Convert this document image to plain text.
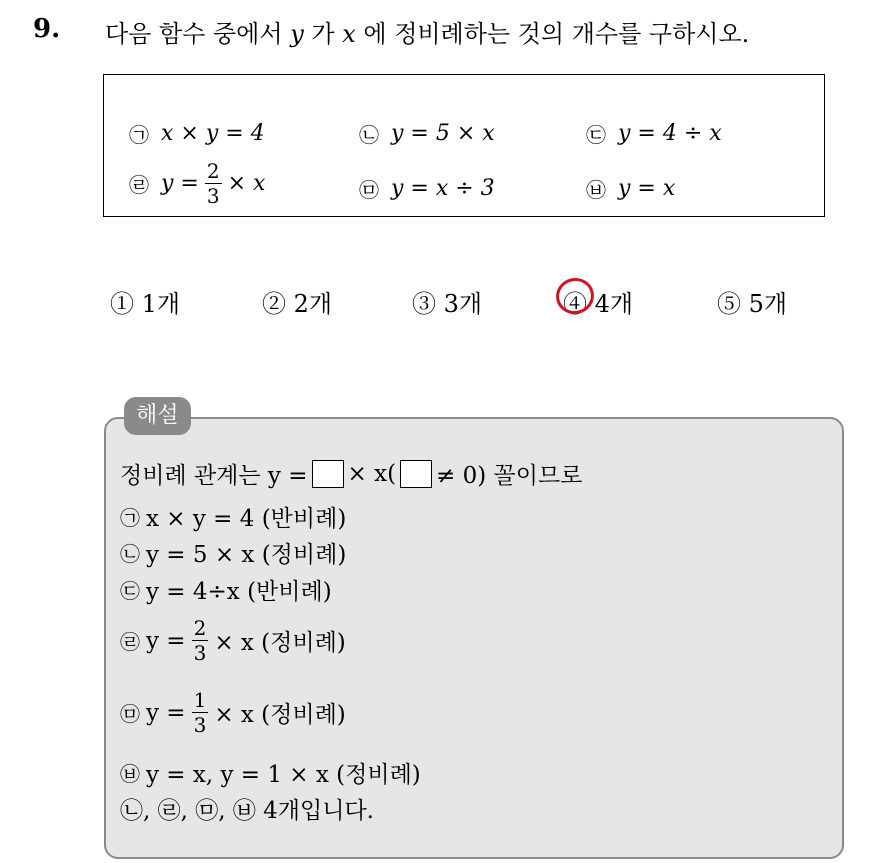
9. 다음 함수 중에서 y 가 x 에 정비례하는 것의 개수를 구하시오.
㉠ x × y = 4	㉡ y = 5 × x	㉢ y = 4 ÷ x
㉣ $y = \frac{2}{3} \times x$	㉤ y = x ÷ 3	㉥ y = x
① 1개	② 2개	③ 3개	④ 4개	⑤ 5개
해설
정비례 관계는 y = × x( ≠ 0) 꼴이므로
㉠ x × y = 4 (반비례)
㉡ y = 5 × x (정비례)
㉢ y = 4÷x (반비례)
㉣ $y = \frac{2}{3} \times x$ (정비례)
㉤ $y = \frac{1}{3} \times x$ (정비례)
㉥ y = x, y = 1 × x (정비례)
㉡, ㉣, ㉤, ㉥ 4개입니다.
